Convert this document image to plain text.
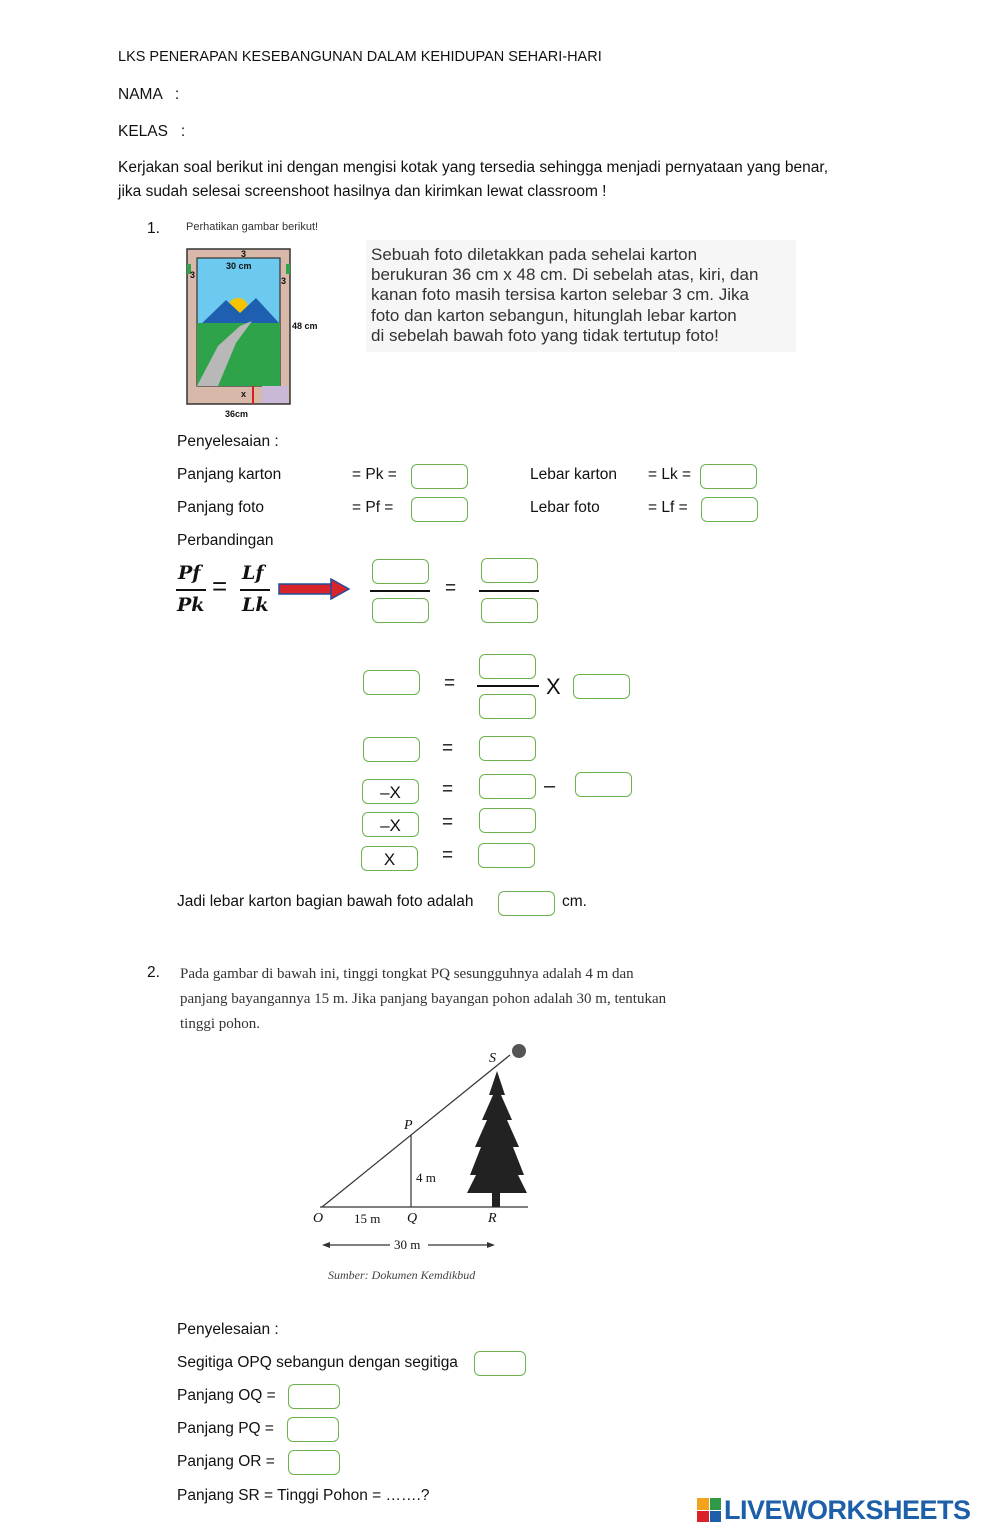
LKS PENERAPAN KESEBANGUNAN DALAM KEHIDUPAN SEHARI-HARI
NAMA   :
KELAS   :
Kerjakan soal berikut ini dengan mengisi kotak yang tersedia sehingga menjadi pernyataan yang benar,
jika sudah selesai screenshoot hasilnya dan kirimkan lewat classroom !
1. Perhatikan gambar berikut!
3
30 cm
3
3
48 cm
x
36cm
Sebuah foto diletakkan pada sehelai karton
berukuran 36 cm x 48 cm. Di sebelah atas, kiri, dan
kanan foto masih tersisa karton selebar 3 cm. Jika
foto dan karton sebangun, hitunglah lebar karton
di sebelah bawah foto yang tidak tertutup foto!
Penyelesaian :
Panjang karton	= Pk =	Lebar karton = Lk =
Panjang foto	= Pf =	Lebar foto	= Lf =
Perbandingan
Pf
Pk
= Lf
Lk
=
=	X
=
–X	=	–
–X	=
X	=
Jadi lebar karton bagian bawah foto adalah	cm.
2. Pada gambar di bawah ini, tinggi tongkat PQ sesungguhnya adalah 4 m dan
panjang bayangannya 15 m. Jika panjang bayangan pohon adalah 30 m, tentukan
tinggi pohon.
S
P
4 m
O 15 m Q	R
30 m
Sumber: Dokumen Kemdikbud
Penyelesaian :
Segitiga OPQ sebangun dengan segitiga
Panjang OQ =
Panjang PQ =
Panjang OR =
Panjang SR = Tinggi Pohon = …….?	LIVEWORKSHEETS
